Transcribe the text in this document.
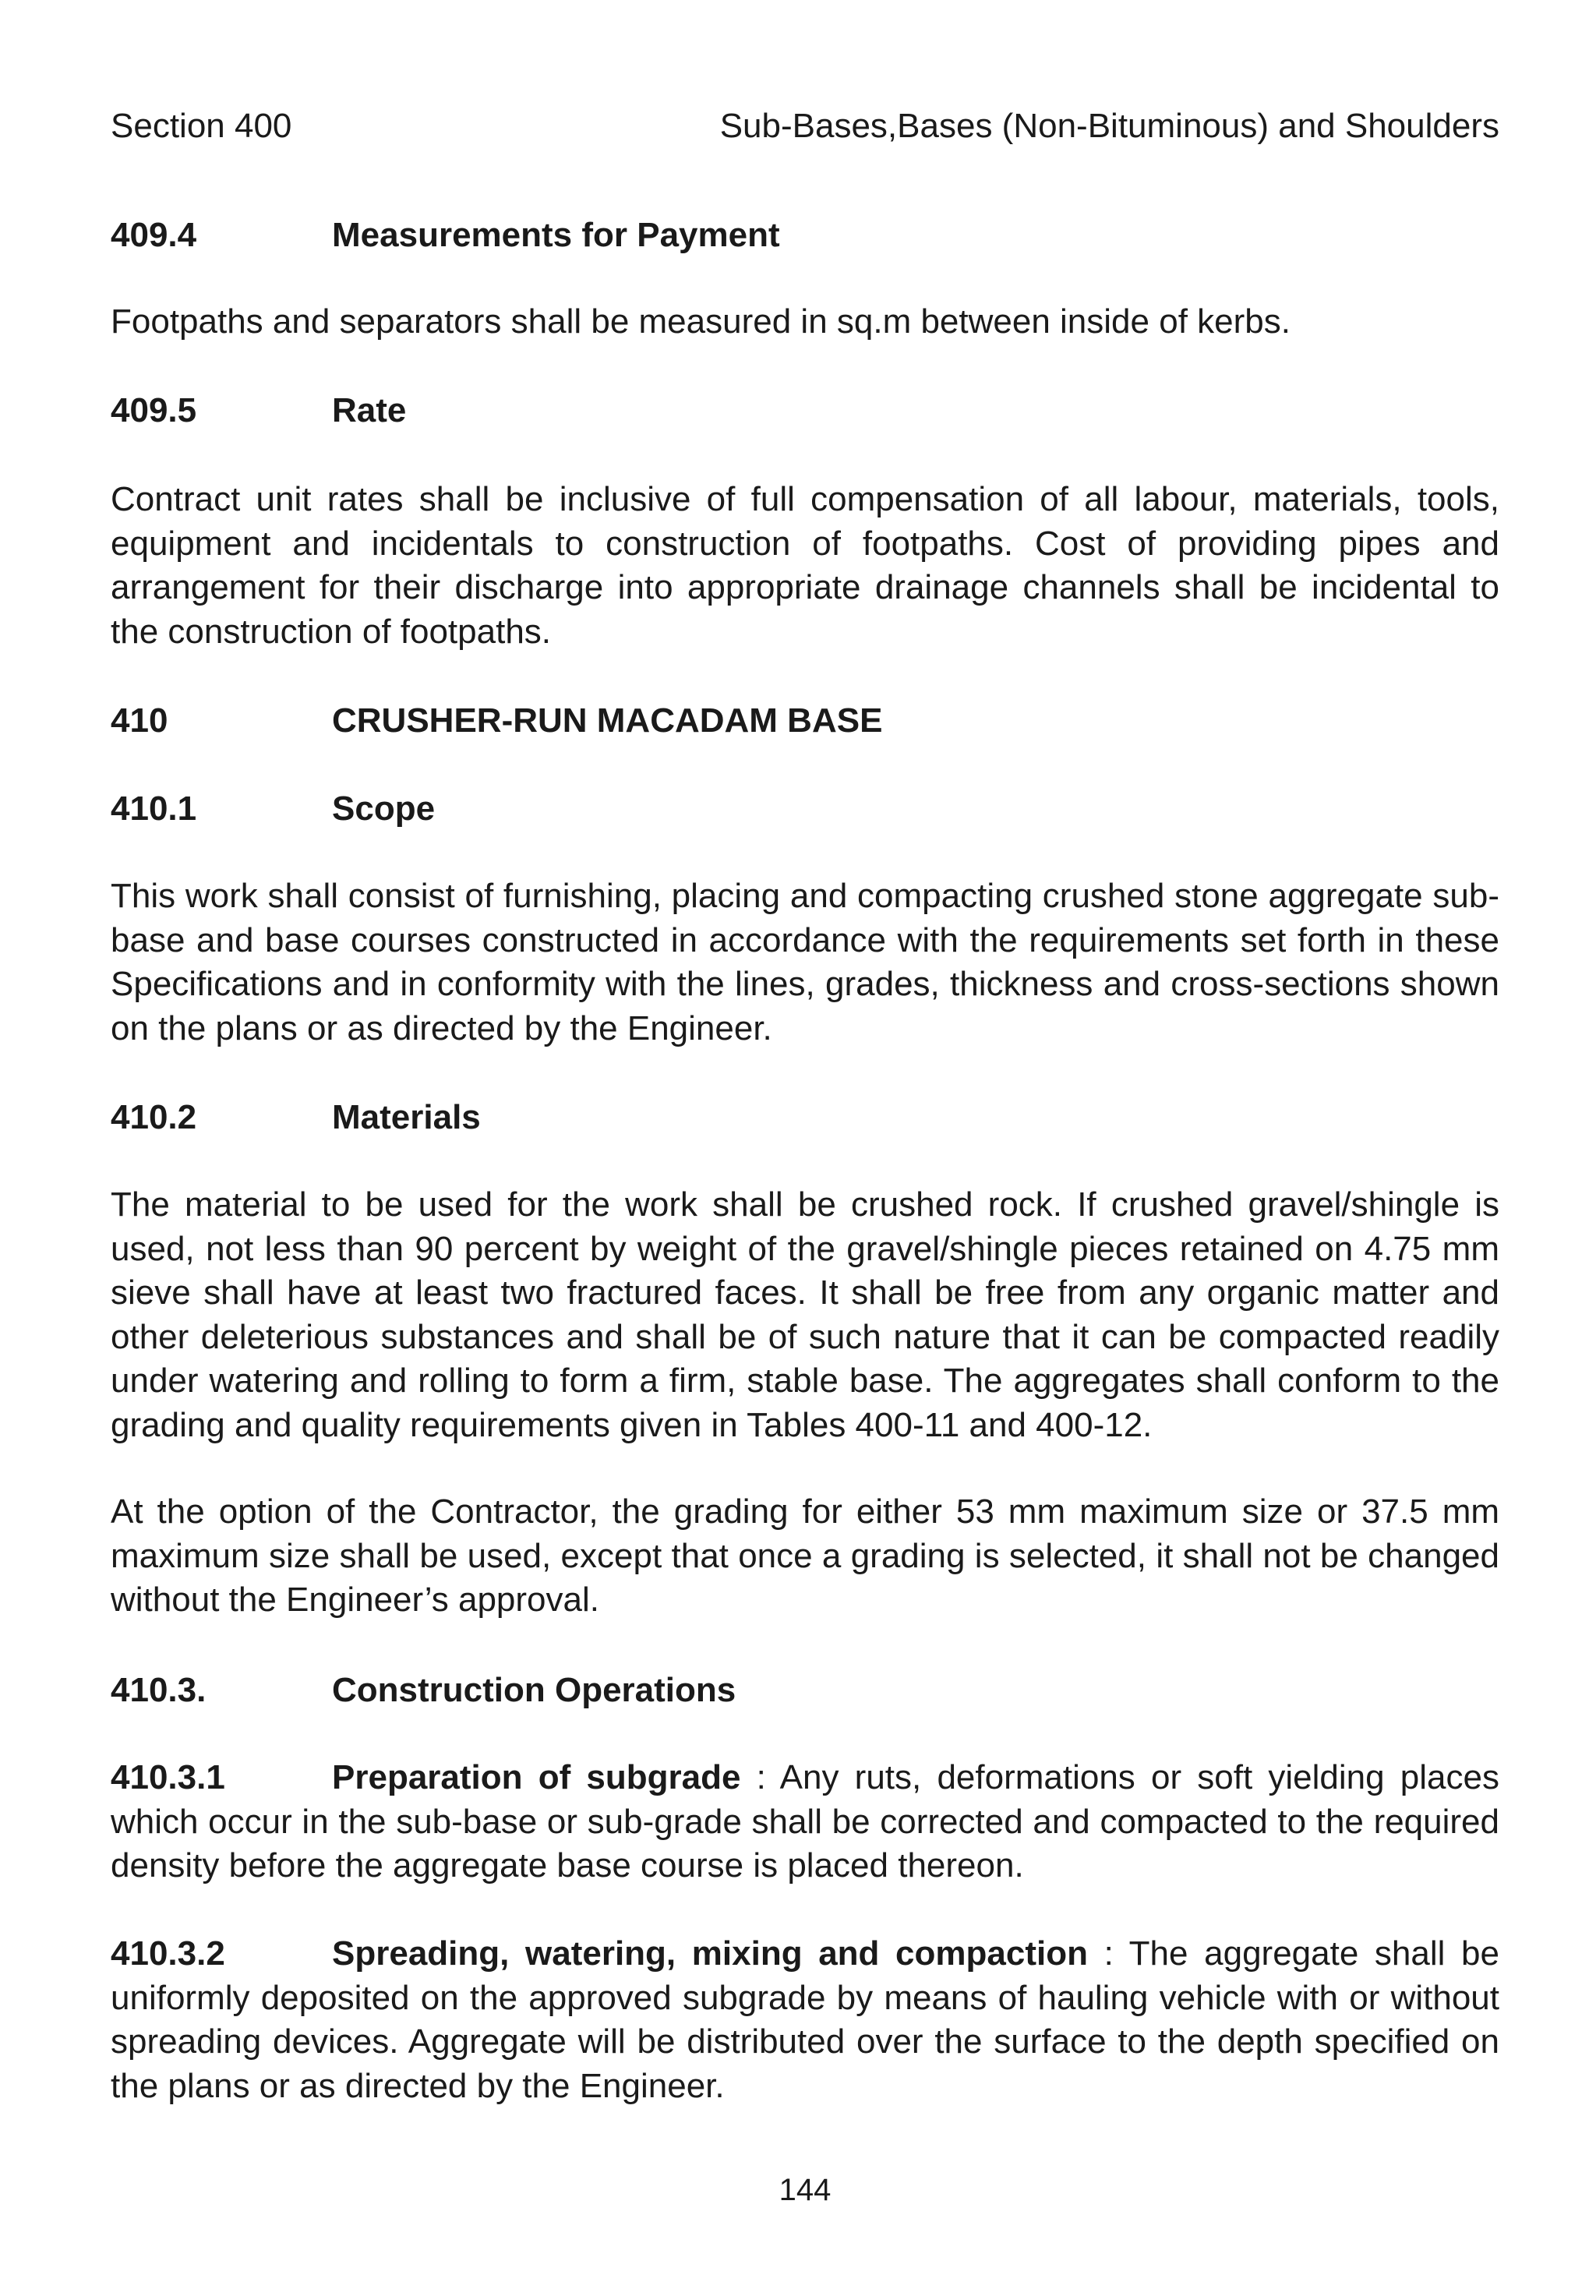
Section 400	Sub-Bases,Bases (Non-Bituminous) and Shoulders
409.4	Measurements for Payment

Footpaths and separators shall be measured in sq.m between inside of kerbs.

409.5	Rate

Contract unit rates shall be inclusive of full compensation of all labour, materials, tools, equipment and incidentals to construction of footpaths. Cost of providing pipes and arrangement for their discharge into appropriate drainage channels shall be incidental to the construction of footpaths.

410	CRUSHER-RUN MACADAM BASE
410.1	Scope

This work shall consist of furnishing, placing and compacting crushed stone aggregate sub-base and base courses constructed in accordance with the requirements set forth in these Specifications and in conformity with the lines, grades, thickness and cross-sections shown on the plans or as directed by the Engineer.

410.2	Materials

The material to be used for the work shall be crushed rock. If crushed gravel/shingle is used, not less than 90 percent by weight of the gravel/shingle pieces retained on 4.75 mm sieve shall have at least two fractured faces. It shall be free from any organic matter and other deleterious substances and shall be of such nature that it can be compacted readily under watering and rolling to form a firm, stable base. The aggregates shall conform to the grading and quality requirements given in Tables 400-11 and 400-12.

At the option of the Contractor, the grading for either 53 mm maximum size or 37.5 mm maximum size shall be used, except that once a grading is selected, it shall not be changed without the Engineer’s approval.

410.3.	Construction Operations

410.3.1	Preparation of subgrade : Any ruts, deformations or soft yielding places which occur in the sub-base or sub-grade shall be corrected and compacted to the required density before the aggregate base course is placed thereon.

410.3.2	Spreading, watering, mixing and compaction : The aggregate shall be uniformly deposited on the approved subgrade by means of hauling vehicle with or without spreading devices. Aggregate will be distributed over the surface to the depth specified on the plans or as directed by the Engineer.

144
